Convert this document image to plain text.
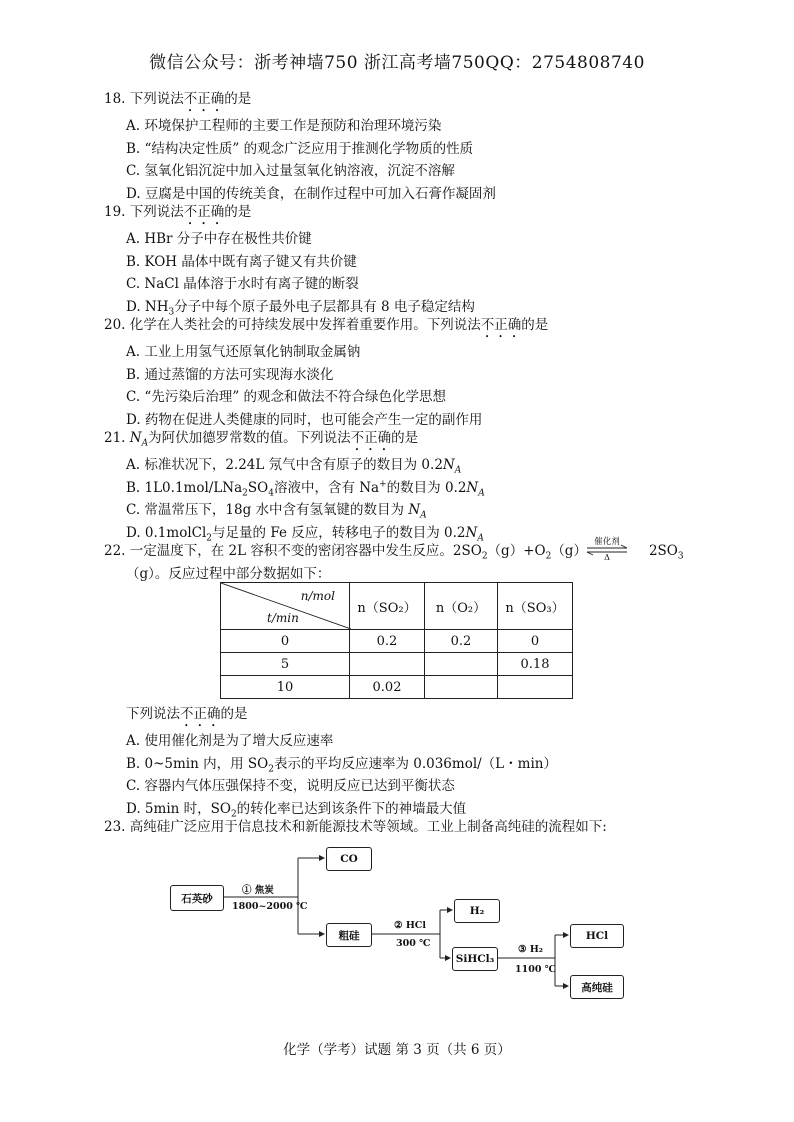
微信公众号：浙考神墙750 浙江高考墙750QQ：2754808740
18. 下列说法不正确的是
A. 环境保护工程师的主要工作是预防和治理环境污染
B. “结构决定性质” 的观念广泛应用于推测化学物质的性质
C. 氢氧化铝沉淀中加入过量氢氧化钠溶液，沉淀不溶解
D. 豆腐是中国的传统美食，在制作过程中可加入石膏作凝固剂
19. 下列说法不正确的是
A. HBr 分子中存在极性共价键
B. KOH 晶体中既有离子键又有共价键
C. NaCl 晶体溶于水时有离子键的断裂
D. $NH_3$分子中每个原子最外电子层都具有 8 电子稳定结构
20. 化学在人类社会的可持续发展中发挥着重要作用。下列说法不正确的是
A. 工业上用氢气还原氧化钠制取金属钠
B. 通过蒸馏的方法可实现海水淡化
C. “先污染后治理” 的观念和做法不符合绿色化学思想
D. 药物在促进人类健康的同时，也可能会产生一定的副作用
21. $N_A$为阿伏加德罗常数的值。下列说法不正确的是
A. 标准状况下，2.24L 氖气中含有原子的数目为 $0.2N_A$
B. $1L0.1mol/LNa_2SO_4$溶液中，含有 Na+的数目为 $0.2N_A$
C. 常温常压下，18g 水中含有氢氧键的数目为 $N_A$
D. 0.1molCl$_2$与足量的 Fe 反应，转移电子的数目为 $0.2N_A$
22. 一定温度下，在 2L 容积不变的密闭容器中发生反应。$2SO_2(g)+O_2(g)$	$2SO_3$
（g）。反应过程中部分数据如下：
催化剂
Δ
n/mol
t/min	n（SO₂）	n（O₂）	n（SO₃）
0	0.2	0.2	0
5			0.18
10	0.02		
下列说法不正确的是
A. 使用催化剂是为了增大反应速率
B. 0~5min 内，用 $SO_2$表示的平均反应速率为 0.036mol/（L・min）
C. 容器内气体压强保持不变，说明反应已达到平衡状态
D. 5min 时，$SO_2$的转化率已达到该条件下的神墙最大值
23. 高纯硅广泛应用于信息技术和新能源技术等领域。工业上制备高纯硅的流程如下:
石英砂
① 焦炭
1800~2000 ℃
CO
粗硅
② HCl
300 ℃
H₂
SiHCl₃
③ H₂
1100 ℃
HCl
高纯硅
化学（学考）试题 第 3 页（共 6 页）
